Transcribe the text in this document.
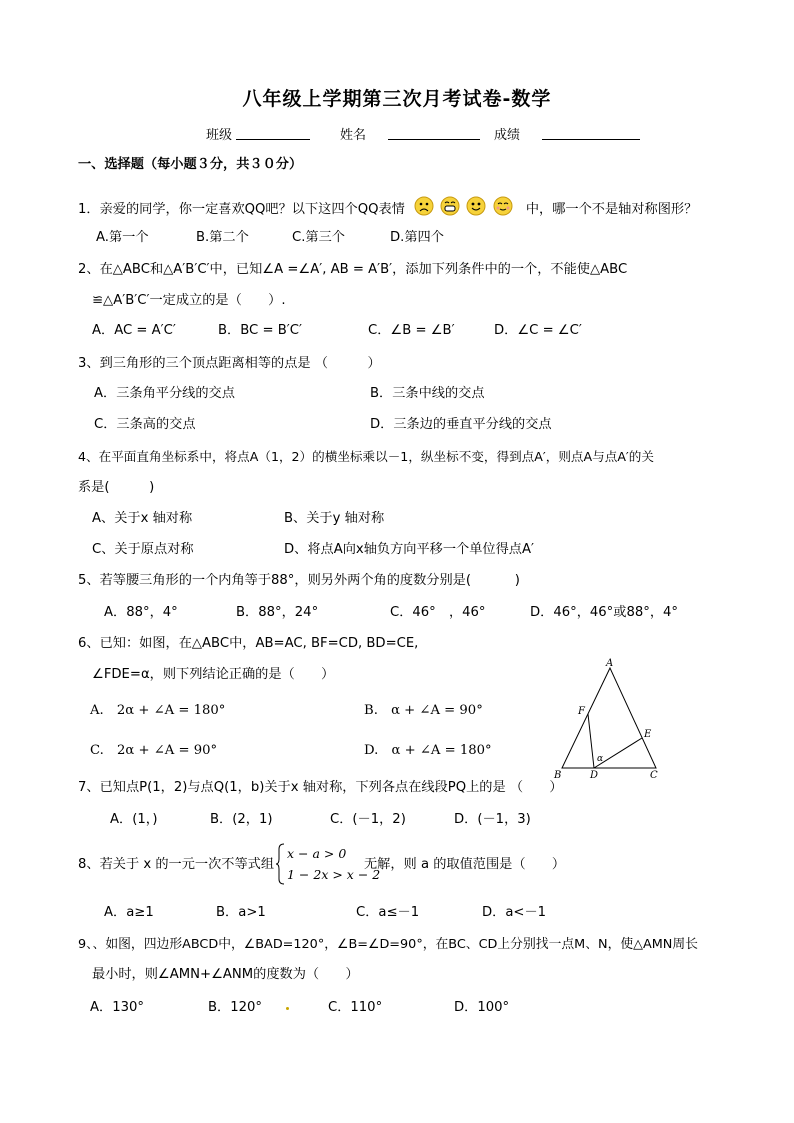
八年级上学期第三次月考试卷-数学
班级	姓名	成绩
一、选择题（每小题３分，共３０分）
1．亲爱的同学，你一定喜欢QQ吧？以下这四个QQ表情	中，哪一个不是轴对称图形？
A.第一个	B.第二个	C.第三个	D.第四个
2、在△ABC和△A′B′C′中，已知∠A =∠A′, AB = A′B′，添加下列条件中的一个，不能使△ABC
≌△A′B′C′一定成立的是（　　）.
A．AC = A′C′	B．BC = B′C′	C．∠B = ∠B′	D．∠C = ∠C′
3、到三角形的三个顶点距离相等的点是 （　　　）
A．三条角平分线的交点	B．三条中线的交点
C．三条高的交点	D．三条边的垂直平分线的交点
4、在平面直角坐标系中，将点A（1，2）的横坐标乘以－1，纵坐标不变，得到点A′，则点A与点A′的关
系是(　　　)
A、关于x 轴对称	B、关于y 轴对称
C、关于原点对称	D、将点A向x轴负方向平移一个单位得点A′
5、若等腰三角形的一个内角等于88°，则另外两个角的度数分别是(　　　 )
A．88°，4°	B．88°，24°	C．46°　，46°	D．46°，46°或88°，4°
6、已知：如图，在△ABC中，AB=AC, BF=CD, BD=CE,
∠FDE=α，则下列结论正确的是（　　）
A.　2α + ∠A = 180°	B.　α + ∠A = 90°
C.　2α + ∠A = 90°	D.　α + ∠A = 180°
A
F
E
B	D	C
α
7、已知点P(1，2)与点Q(1，b)关于x 轴对称，下列各点在线段PQ上的是 （　　）
A．(1，)	B．(2，1)	C．(－1，2)	D．(－1，3)
8、若关于 x 的一元一次不等式组
x − a > 0
1 − 2x > x − 2
无解，则 a 的取值范围是（　　）
A．a≥1	B．a>1	C．a≤－1	D．a<－1
9、、如图，四边形ABCD中，∠BAD=120°，∠B=∠D=90°，在BC、CD上分别找一点M、N，使△AMN周长
最小时，则∠AMN+∠ANM的度数为（　　）
A．130°	B．120°	C．110°	D．100°
